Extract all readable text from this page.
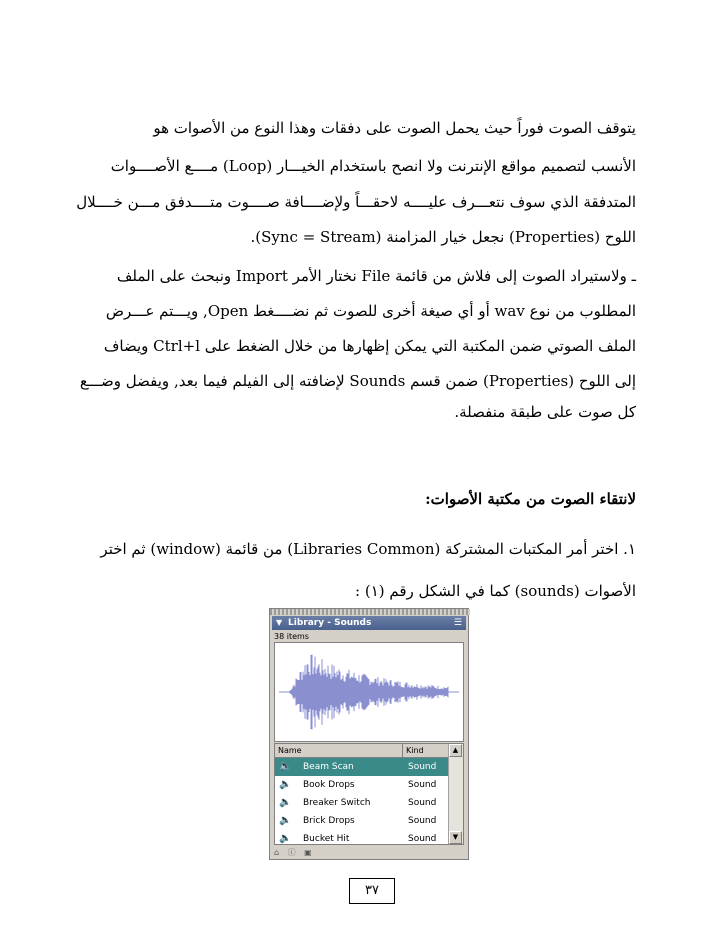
يتوقف الصوت فوراً حيث يحمل الصوت على دفقات وهذا النوع من الأصوات هو
الأنسب لتصميم مواقع الإنترنت ولا انصح باستخدام الخيـــار (Loop) مــــع الأصــــوات
المتدفقة الذي سوف نتعـــرف عليــــه لاحقـــاً ولإضــــافة صــــوت متــــدفق مـــن خــــلال
اللوح (Properties) نجعل خيار المزامنة (Sync = Stream).
ـ ولاستيراد الصوت إلى فلاش من قائمة File نختار الأمر Import ونبحث على الملف
المطلوب من نوع wav أو أي صيغة أخرى للصوت ثم نضــــغط Open, ويـــتم عـــرض
الملف الصوتي ضمن المكتبة التي يمكن إظهارها من خلال الضغط على Ctrl+l ويضاف
إلى اللوح (Properties) ضمن قسم Sounds لإضافته إلى الفيلم فيما بعد, ويفضل وضـــع
كل صوت على طبقة منفصلة.
لانتقاء الصوت من مكتبة الأصوات:
١. اختر أمر المكتبات المشتركة (Libraries Common) من قائمة (window) ثم اختر
الأصوات (sounds) كما في الشكل رقم (١) :
▼ Library - Sounds	☰
38 items
Name	Kind
🔈 Beam Scan	Sound
🔈 Book Drops	Sound
🔈 Breaker Switch	Sound
🔈 Brick Drops	Sound
🔈 Bucket Hit	Sound
▲
▼
⌂ ⓘ ▣
٣٧
